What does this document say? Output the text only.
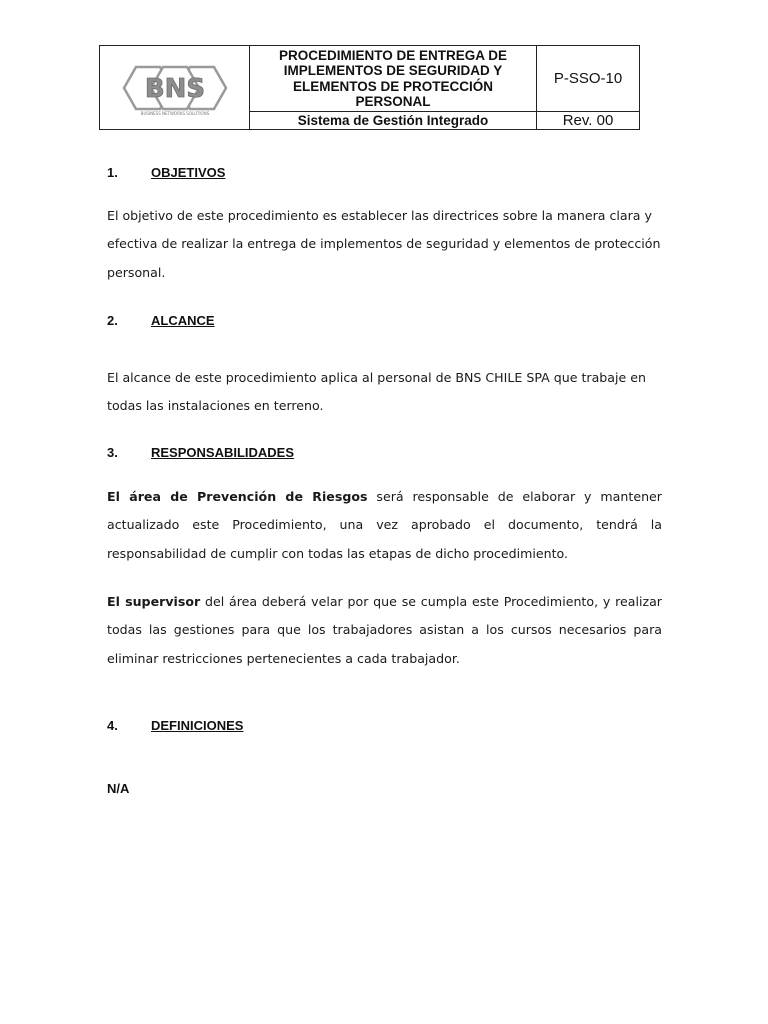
BNS
BUSINESS NETWORKS SOLUTIONS
PROCEDIMIENTO DE ENTREGA DE IMPLEMENTOS DE SEGURIDAD Y ELEMENTOS DE PROTECCIÓN PERSONAL
P-SSO-10
Sistema de Gestión Integrado	Rev. 00
1.	OBJETIVOS
El objetivo de este procedimiento es establecer las directrices sobre la manera clara y efectiva de realizar la entrega de implementos de seguridad y elementos de protección personal.
2.	ALCANCE
El alcance de este procedimiento aplica al personal de BNS CHILE SPA que trabaje en todas las instalaciones en terreno.
3.	RESPONSABILIDADES
El área de Prevención de Riesgos será responsable de elaborar y mantener actualizado este Procedimiento, una vez aprobado el documento, tendrá la responsabilidad de cumplir con todas las etapas de dicho procedimiento.
El supervisor del área deberá velar por que se cumpla este Procedimiento, y realizar todas las gestiones para que los trabajadores asistan a los cursos necesarios para eliminar restricciones pertenecientes a cada trabajador.
4.	DEFINICIONES
N/A
